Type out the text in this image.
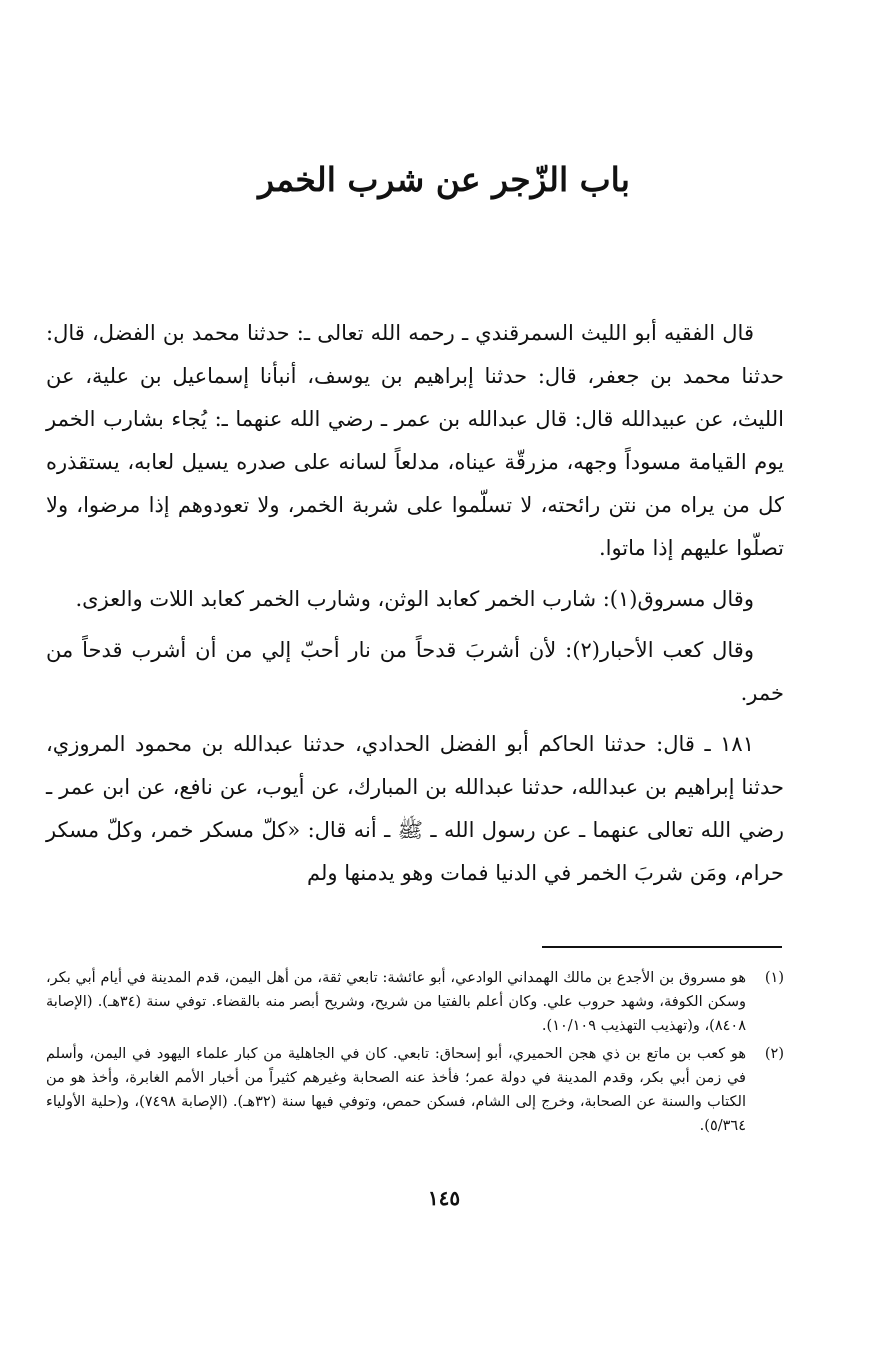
باب الزّجر عن شرب الخمر

قال الفقيه أبو الليث السمرقندي ـ رحمه الله تعالى ـ: حدثنا محمد بن الفضل، قال: حدثنا محمد بن جعفر، قال: حدثنا إبراهيم بن يوسف، أنبأنا إسماعيل بن علية، عن الليث، عن عبيدالله قال: قال عبدالله بن عمر ـ رضي الله عنهما ـ: يُجاء بشارب الخمر يوم القيامة مسوداً وجهه، مزرقّة عيناه، مدلعاً لسانه على صدره يسيل لعابه، يستقذره كل من يراه من نتن رائحته، لا تسلّموا على شربة الخمر، ولا تعودوهم إذا مرضوا، ولا تصلّوا عليهم إذا ماتوا.

وقال مسروق(١): شارب الخمر كعابد الوثن، وشارب الخمر كعابد اللات والعزى.

وقال كعب الأحبار(٢): لأن أشربَ قدحاً من نار أحبّ إلي من أن أشرب قدحاً من خمر.

١٨١ ـ قال: حدثنا الحاكم أبو الفضل الحدادي، حدثنا عبدالله بن محمود المروزي، حدثنا إبراهيم بن عبدالله، حدثنا عبدالله بن المبارك، عن أيوب، عن نافع، عن ابن عمر ـ رضي الله تعالى عنهما ـ عن رسول الله ـ ﷺ ـ أنه قال: «كلّ مسكر خمر، وكلّ مسكر حرام، ومَن شربَ الخمر في الدنيا فمات وهو يدمنها ولم

(١)
هو مسروق بن الأجدع بن مالك الهمداني الوادعي، أبو عائشة: تابعي ثقة، من أهل اليمن، قدم المدينة في أيام أبي بكر، وسكن الكوفة، وشهد حروب علي. وكان أعلم بالفتيا من شريح، وشريح أبصر منه بالقضاء. توفي سنة (٣٤هـ). (الإصابة ٨٤٠٨)، و(تهذيب التهذيب ١٠/١٠٩).
(٢)
هو كعب بن ماتع بن ذي هجن الحميري، أبو إسحاق: تابعي. كان في الجاهلية من كبار علماء اليهود في اليمن، وأسلم في زمن أبي بكر، وقدم المدينة في دولة عمر؛ فأخذ عنه الصحابة وغيرهم كثيراً من أخبار الأمم الغابرة، وأخذ هو من الكتاب والسنة عن الصحابة، وخرج إلى الشام، فسكن حمص، وتوفي فيها سنة (٣٢هـ). (الإصابة ٧٤٩٨)، و(حلية الأولياء ٥/٣٦٤).
١٤٥
